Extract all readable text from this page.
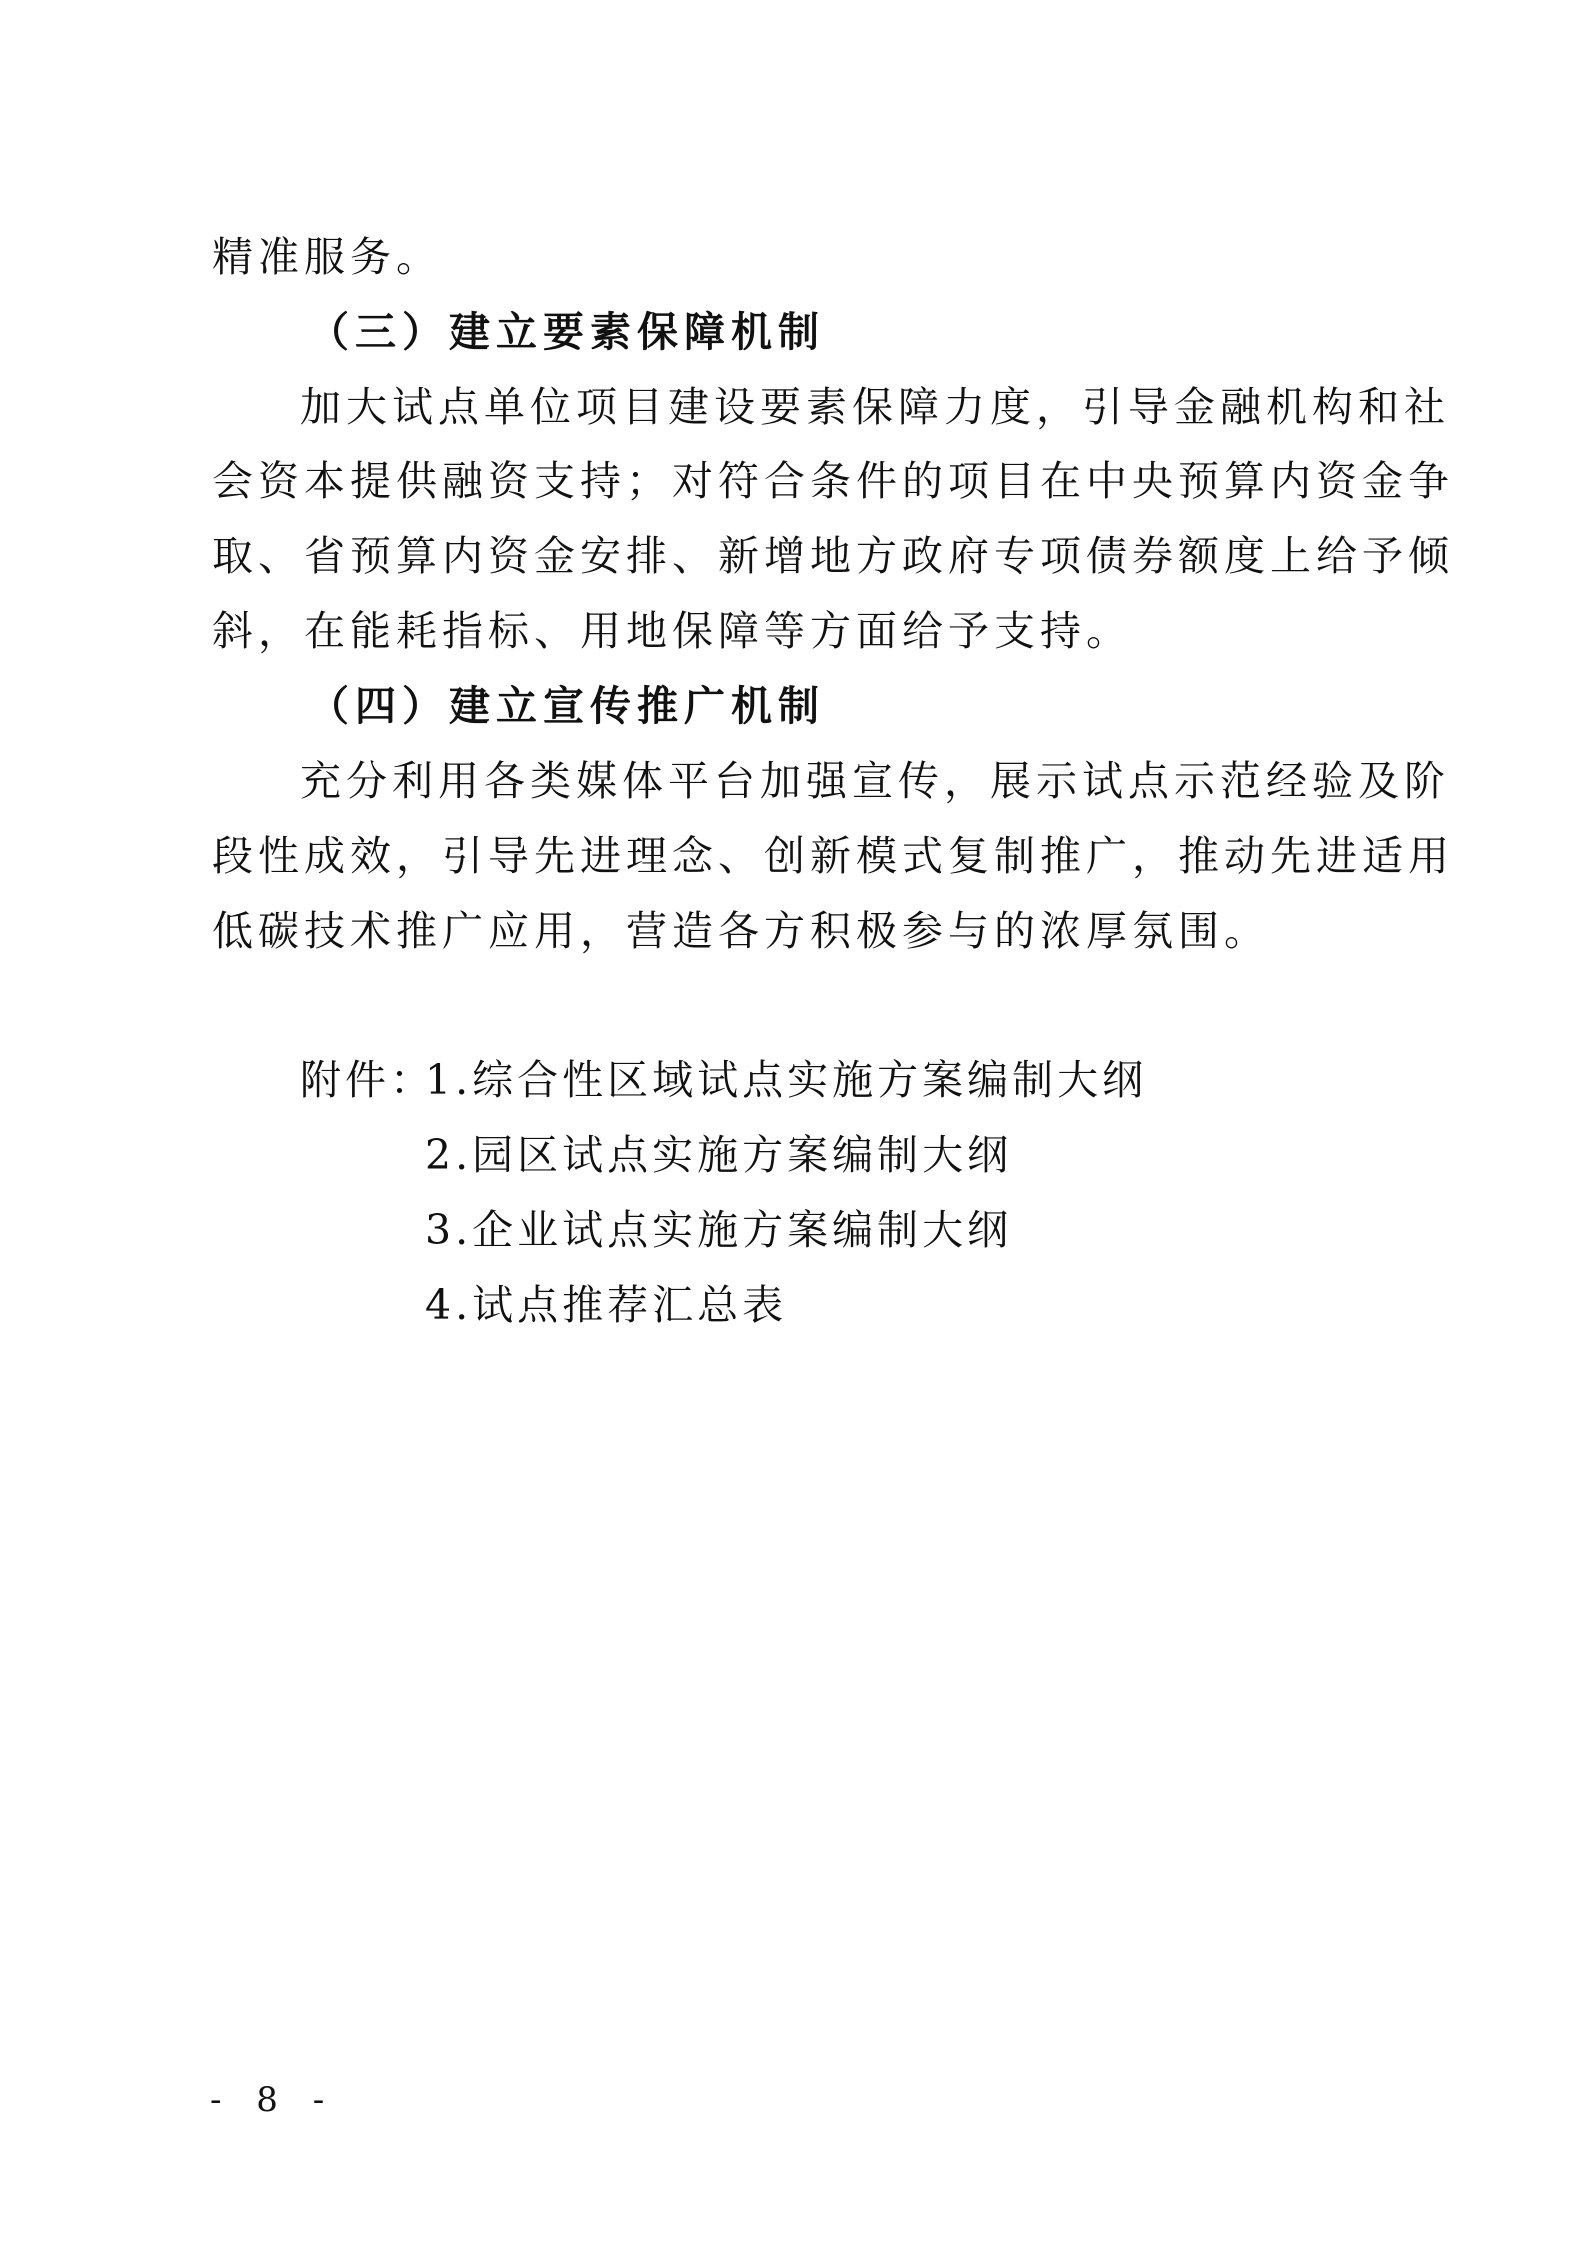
精准服务。

（三）建立要素保障机制

加大试点单位项目建设要素保障力度，引导金融机构和社

会资本提供融资支持；对符合条件的项目在中央预算内资金争

取、省预算内资金安排、新增地方政府专项债券额度上给予倾

斜，在能耗指标、用地保障等方面给予支持。

（四）建立宣传推广机制

充分利用各类媒体平台加强宣传，展示试点示范经验及阶

段性成效，引导先进理念、创新模式复制推广，推动先进适用

低碳技术推广应用，营造各方积极参与的浓厚氛围。

附件：

1.综合性区域试点实施方案编制大纲

2.园区试点实施方案编制大纲

3.企业试点实施方案编制大纲

4.试点推荐汇总表

- 8 -
